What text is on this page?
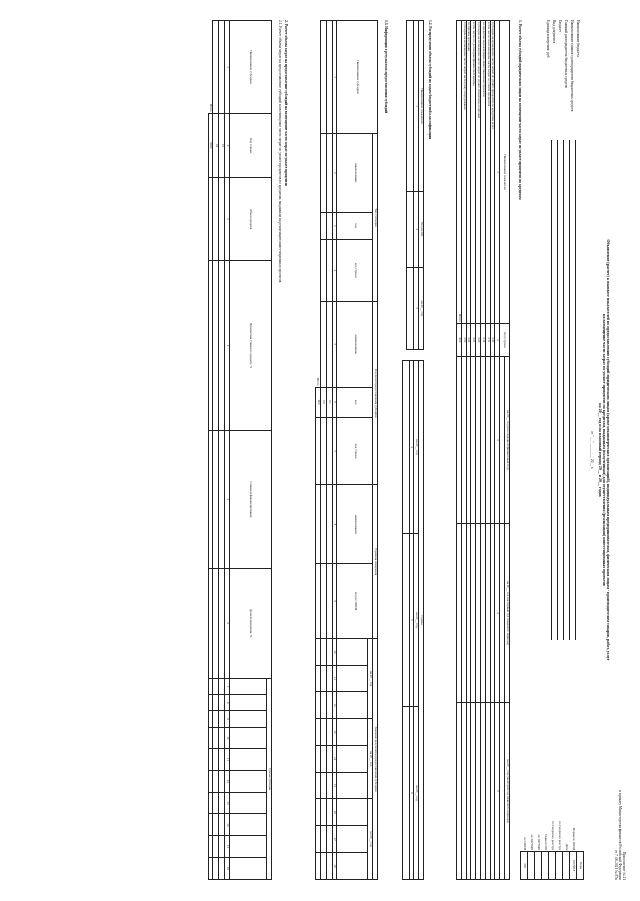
Приложение № 21
к приказу Министерства финансов Российской Федерации
от 7 .06.2021 № 87н
Объявление (расчет) к выплате показателей по предоставлению субсидий юридическим лицам (кроме некоммерческих организаций), индивидуальным предпринимателям, физическим лицам - производителям товаров, работ, услуг
на возмещение части затрат по уплате процентов по кредитам, выданным (полученным) для осуществления (реализации) инвестиционных проектов
на 20__ год и на плановый период 20__ и 20__ годов
от " __" ________ 20__ г.
Наименование бюджета
Наименование главного распорядителя бюджетных средств
Главный распорядитель бюджетных средств
Бюджет
Вид документа
Единица измерения: руб
	Коды
Форма по ОКУД	0505618
Дата	
по Сводному реестру	
по Сводному реестру	
Глава по БК	
по ОКТМО	
по ОКТМО	
по ОКЕИ	383
1. Расчет объема субсидий юридическим лицам на возмещение части затрат по уплате процентов по кредитам
Наименование показателя	Код строки	на 20__ год (на очередной финансовый год)	на 20__ год (на первый год планового периода)	на 20__ год (на второй год планового периода)

1	2	3	4	5
Субсидии на возмещение части затрат по уплате процентов по кредитам, всего	010			
в том числе: на возмещение части затрат по уплате процентов	011			
по кредитам на реализацию инвестиционных проектов	012			
Субсидии на возмещение части затрат по уплате лизинговых платежей	020			
в том числе: по договорам финансовой аренды	021			
по прочим договорам	022			
Субсидии на возмещение части затрат на покупку оборудования	030			
Итого	900			
1.2. Распределение объема субсидий по кодам бюджетной классификации
Наименование показателя	Код по БК	на 20__ год
1	2	3

Сумма		
на 20__ год	на 20__ год	на 20__ год
4	5	6

1.3. Информация о результатах предоставления субсидий
Наименование субсидии	Тип субсидии			Результат предоставления субсидии			Единица измерения		Значение результатов предоставления субсидии								
	наименование	код	код строки	наименование	код	код строки	наименование	код по ОКЕИ	на 20__ год			на 20__ год			на 20__ год		

1	2	3	4	5	6	7	8	9	10	11	12	13	14	15	16	17	18
					01												
					02												
Итого					900												
2. Расчет объема затрат на предоставление субсидий на возмещение части затрат по уплате процентов
2.1. Расчет объема затрат на предоставление субсидий на возмещение части затрат по уплате процентов по кредитам, выданным на реализацию инвестиционных проектов
Наименование субсидии	Код строки	Объем кредита	Процентная ставка по кредиту, %	Ставка рефинансирования	Доля возмещения, %	Сумма субсидии									

1	2	3	4	5	6	7	8	9	10	11	12	13	14	15	16
	01														
	02														
Итого	9000														
